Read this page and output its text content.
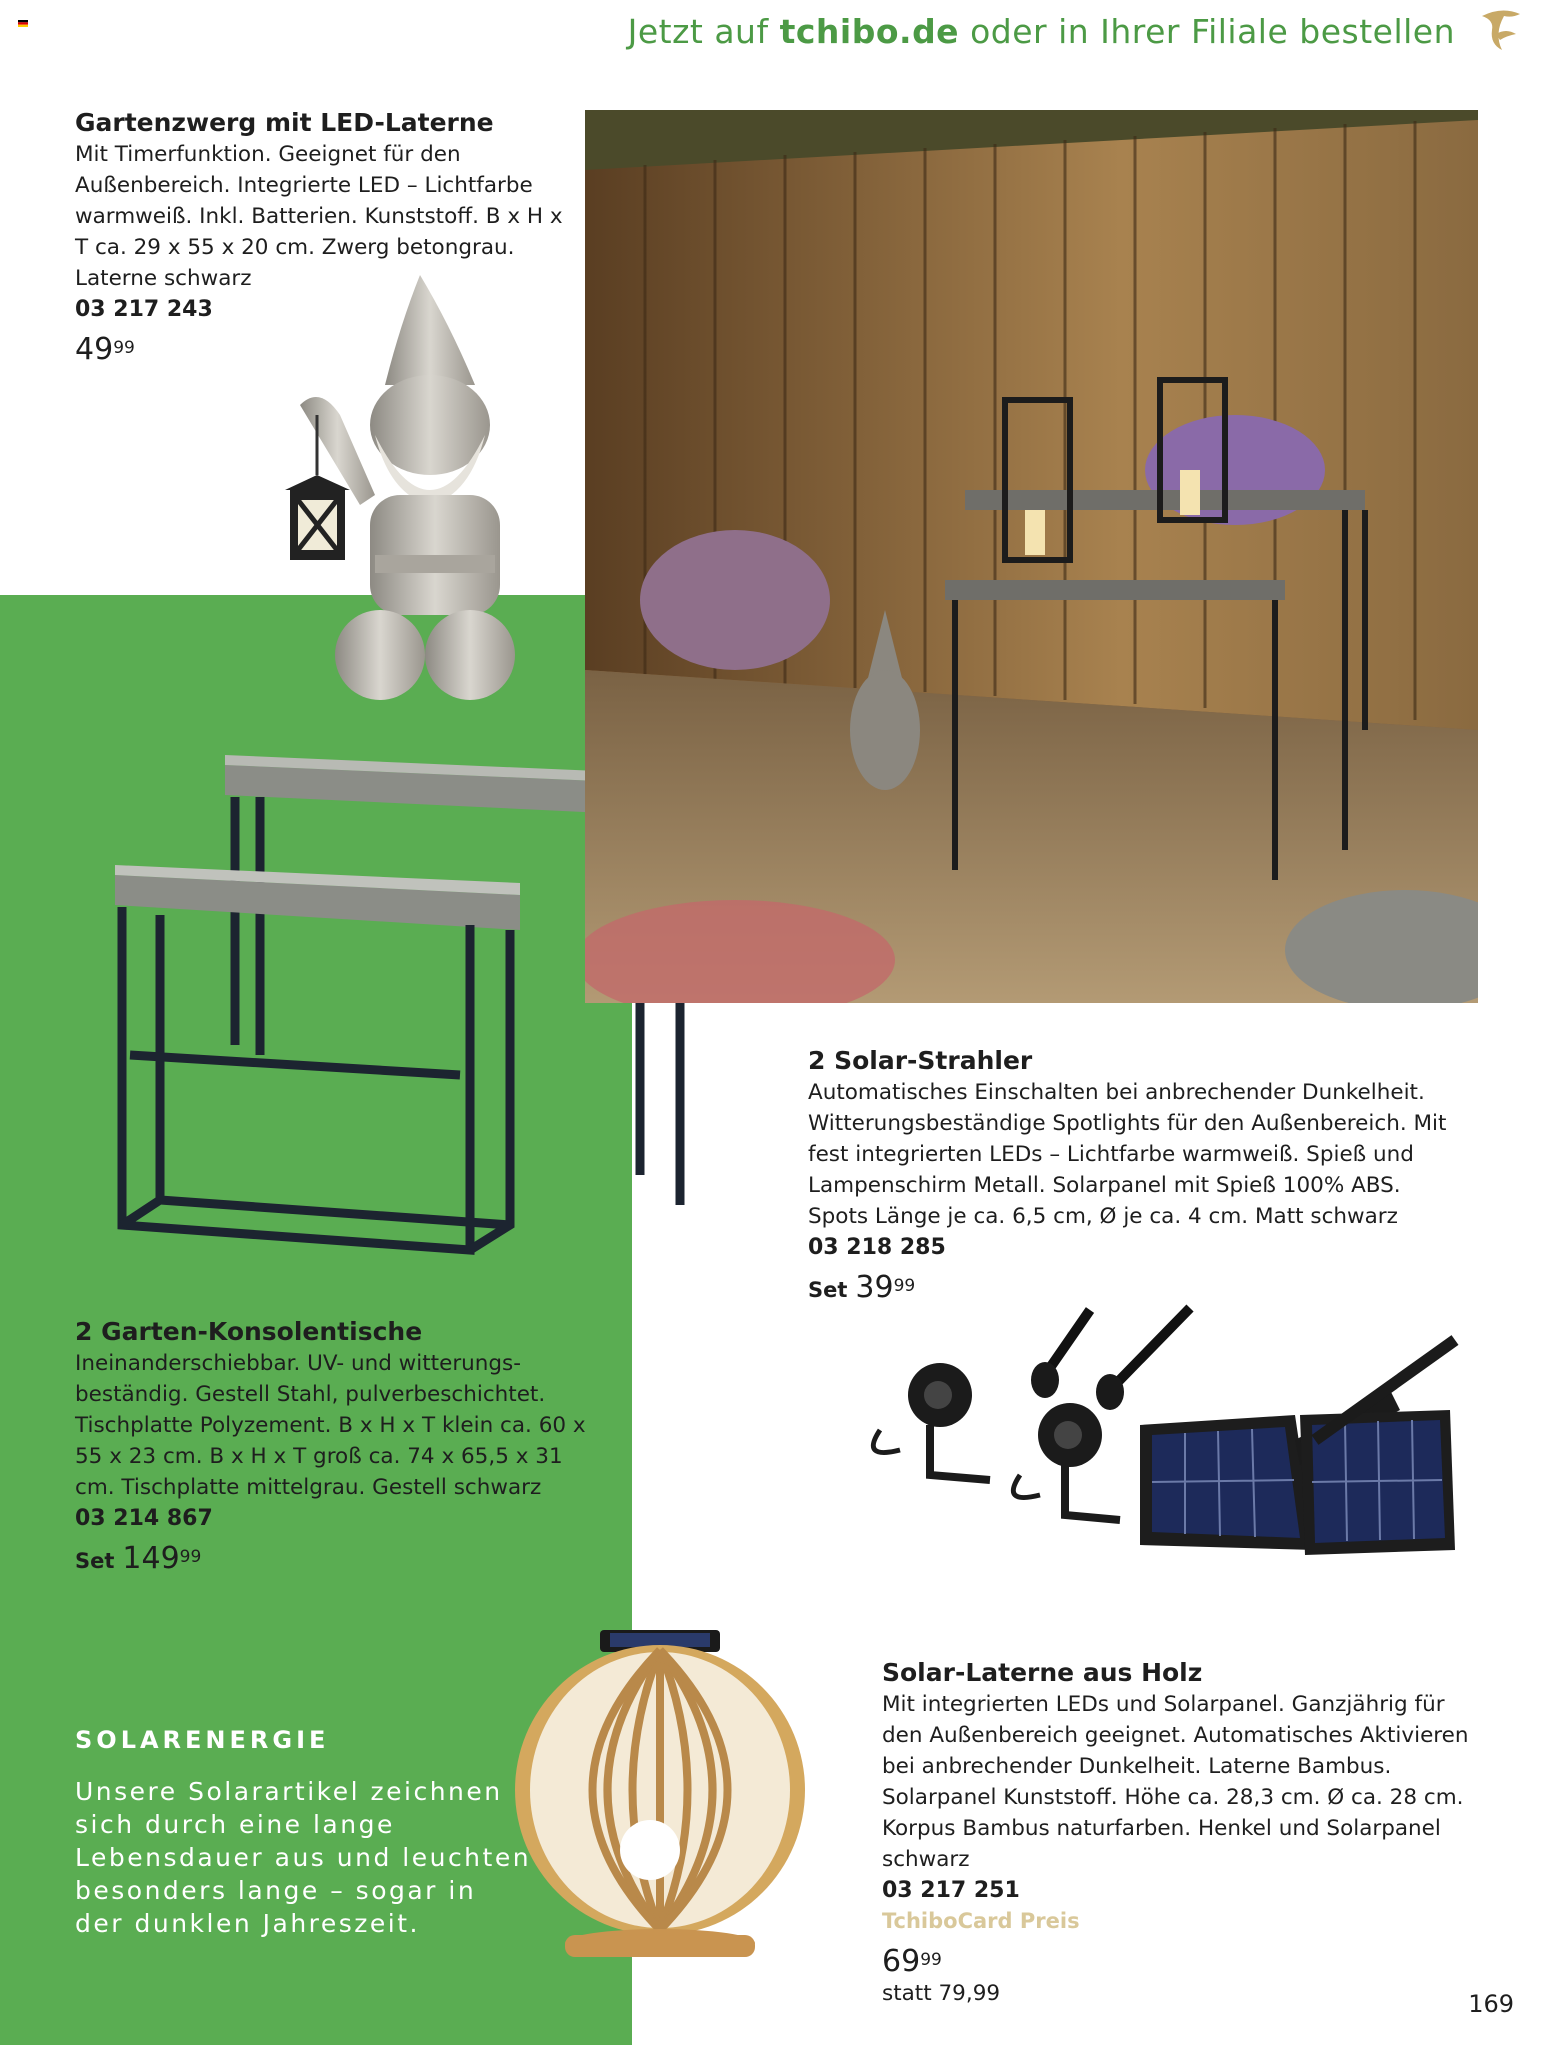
Jetzt auf tchibo.de oder in Ihrer Filiale bestellen
Gartenzwerg mit LED-Laterne
Mit Timerfunktion. Geeignet für den Außenbereich. Integrierte LED – Lichtfarbe warmweiß. Inkl. Batterien. Kunststoff. B x H x T ca. 29 x 55 x 20 cm. Zwerg betongrau. Laterne schwarz
03 217 243
$49^{99}$
2 Garten-Konsolentische
Ineinanderschiebbar. UV- und witterungs-beständig. Gestell Stahl, pulverbeschichtet. Tischplatte Polyzement. B x H x T klein ca. 60 x 55 x 23 cm. B x H x T groß ca. 74 x 65,5 x 31 cm. Tischplatte mittelgrau. Gestell schwarz
03 214 867
Set $149^{99}$
2 Solar-Strahler
Automatisches Einschalten bei anbrechender Dunkelheit. Witterungsbeständige Spotlights für den Außenbereich. Mit fest integrierten LEDs – Lichtfarbe warmweiß. Spieß und Lampenschirm Metall. Solarpanel mit Spieß 100% ABS. Spots Länge je ca. 6,5 cm, Ø je ca. 4 cm. Matt schwarz
03 218 285
Set $39^{99}$
SOLARENERGIE
Unsere Solarartikel zeichnen sich durch eine lange Lebensdauer aus und leuchten besonders lange – sogar in der dunklen Jahreszeit.
Solar-Laterne aus Holz
Mit integrierten LEDs und Solarpanel. Ganzjährig für den Außenbereich geeignet. Automatisches Aktivieren bei anbrechender Dunkelheit. Laterne Bambus. Solarpanel Kunststoff. Höhe ca. 28,3 cm. Ø ca. 28 cm. Korpus Bambus naturfarben. Henkel und Solarpanel schwarz
03 217 251
TchiboCard Preis
$69^{99}$
statt 79,99	169
